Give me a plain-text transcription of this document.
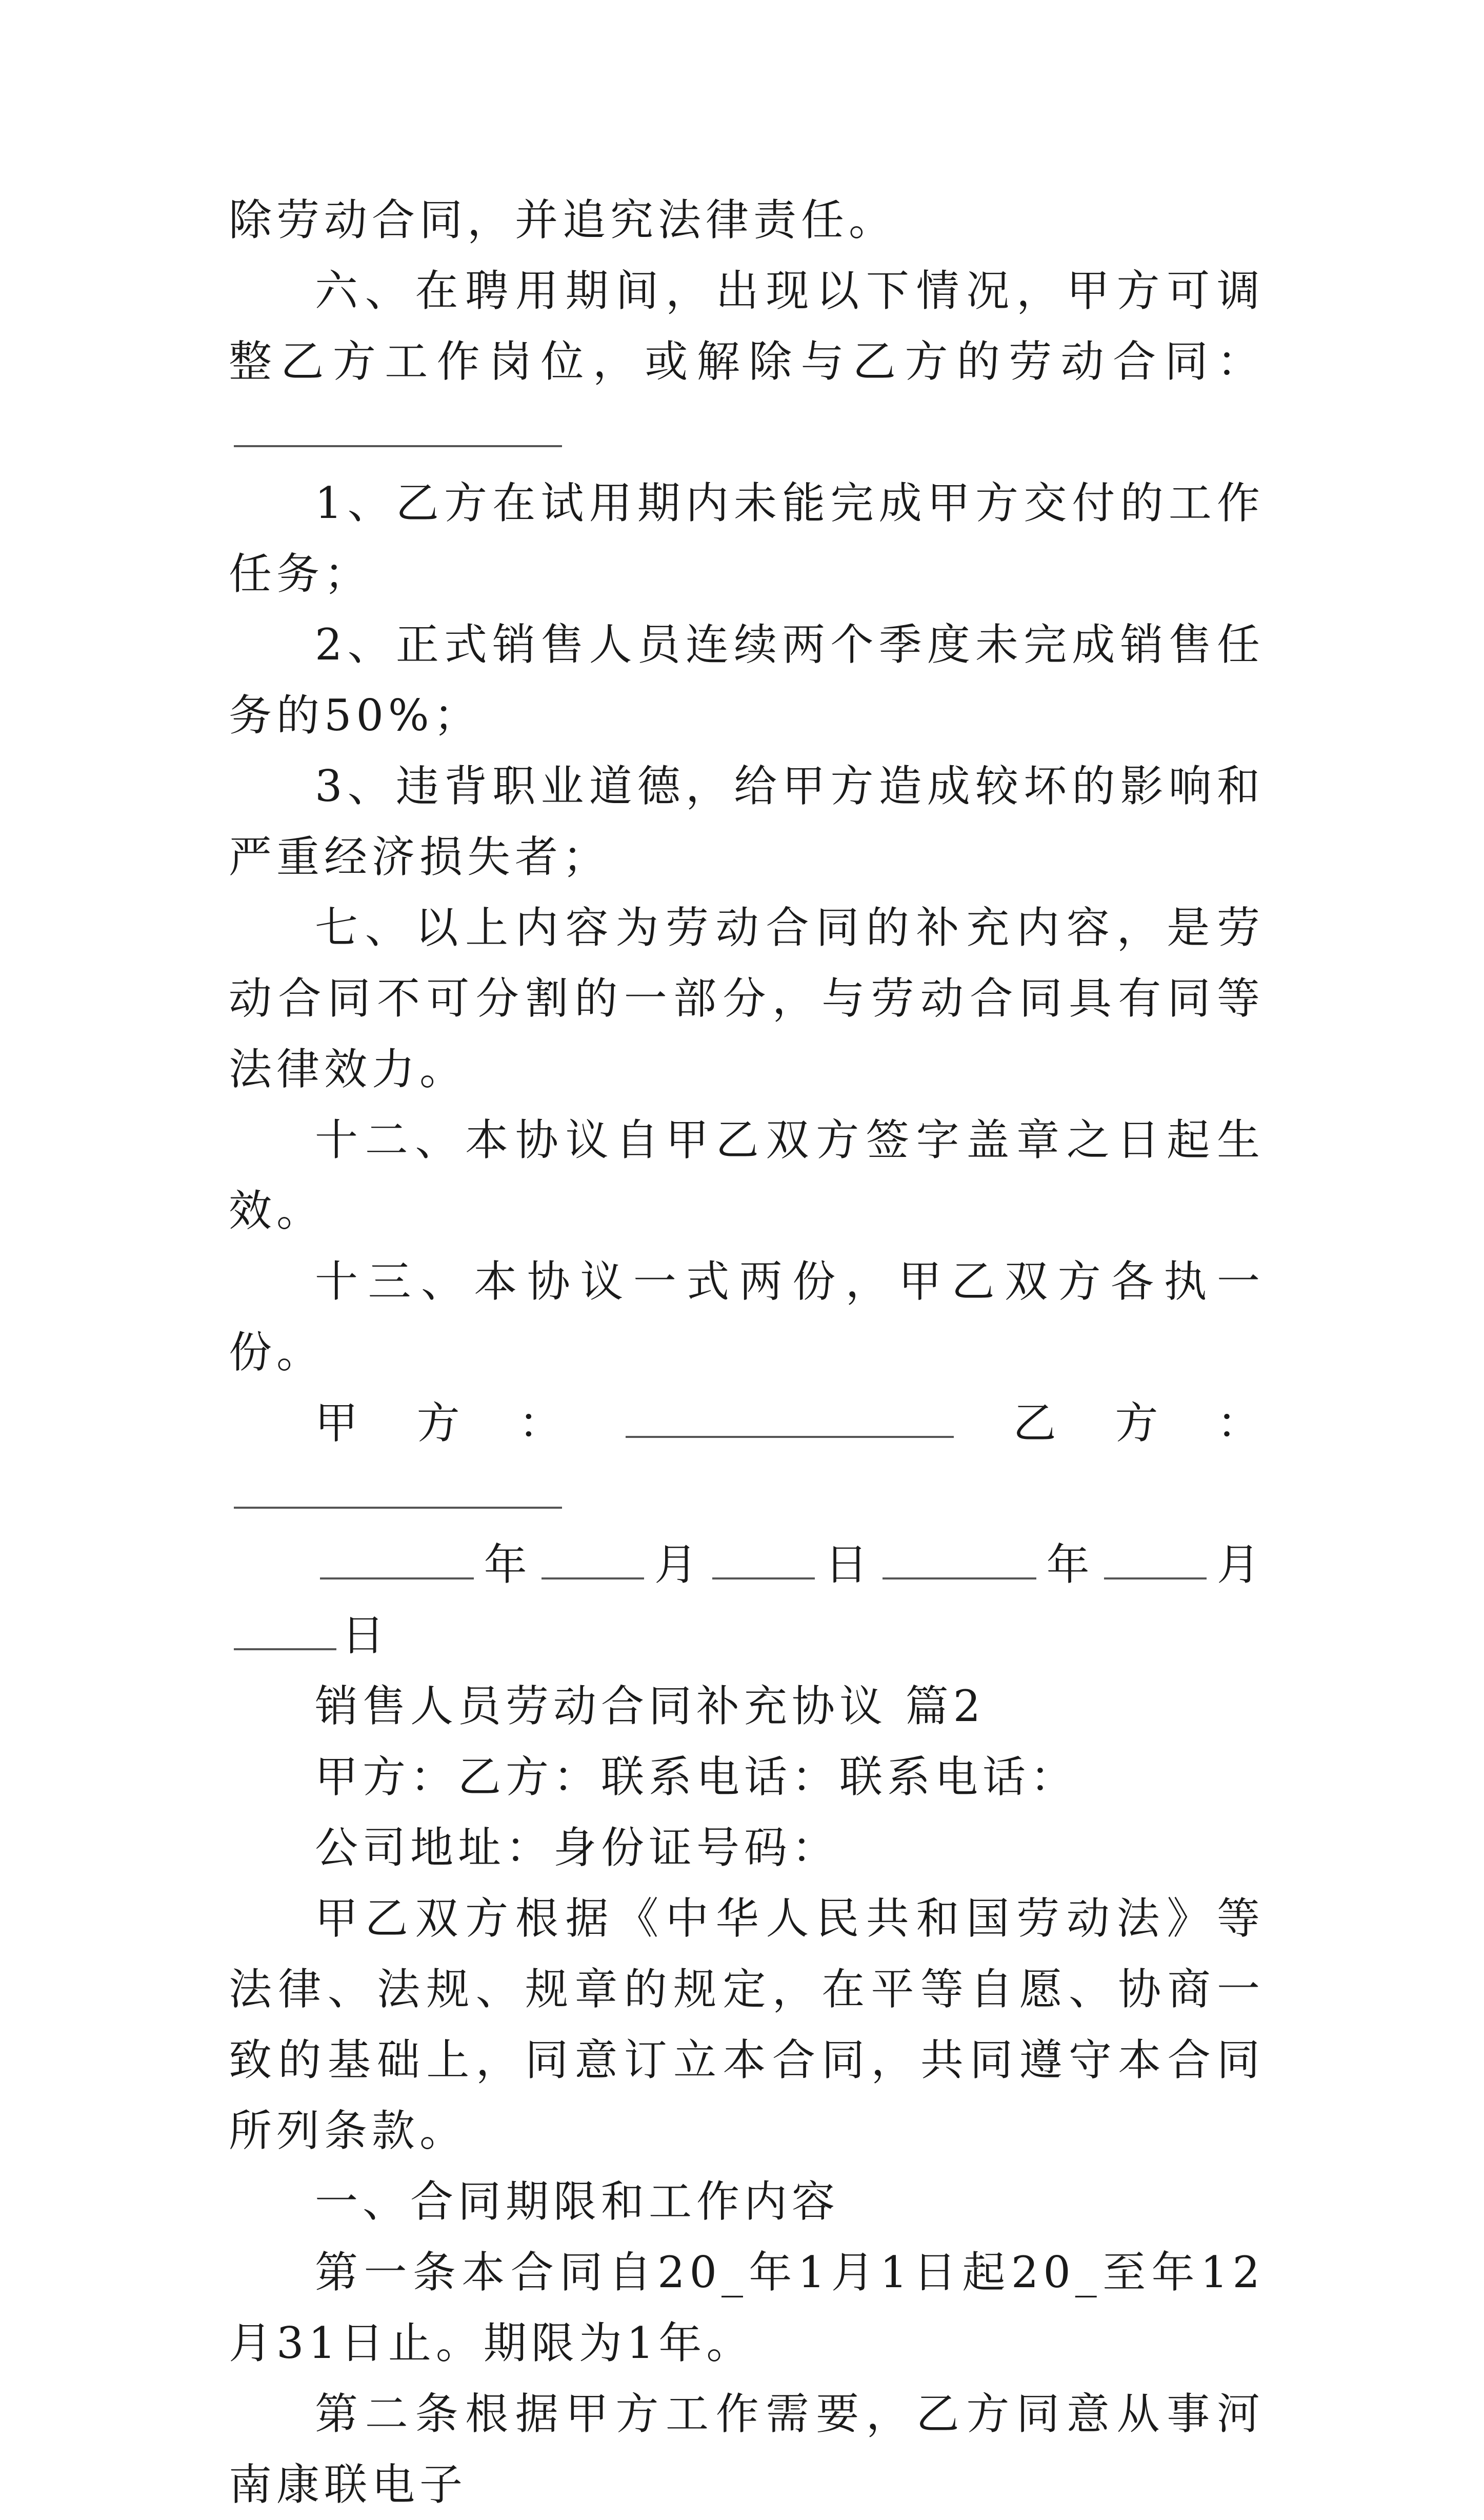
除劳动合同，并追究法律责任。

六、在聘用期间，出现以下情况，甲方可调整乙方工作岗位，或解除与乙方的劳动合同：

1、乙方在试用期内未能完成甲方交付的工作任务；

2、正式销售人员连续两个季度未完成销售任务的50%；

3、违背职业道德，给甲方造成较坏的影响和严重经济损失者；

七、以上内容为劳动合同的补充内容，是劳动合同不可分割的一部分，与劳动合同具有同等法律效力。

十二、本协议自甲乙双方签字盖章之日起生效。

十三、本协议一式两份，甲乙双方各执一份。

甲方：	乙方：

年	月	日	年	月日

销售人员劳动合同补充协议 篇2

甲方：乙方：联系电话：联系电话：

公司地址：身份证号码：

甲乙双方根据《中华人民共和国劳动法》等法律、法规、规章的规定，在平等自愿、协商一致的基础上，同意订立本合同，共同遵守本合同所列条款。

一、合同期限和工作内容

第一条本合同自20_年1月1日起20_至年12月31日止。期限为1年。

第二条根据甲方工作需要，乙方同意从事河南康联电子
